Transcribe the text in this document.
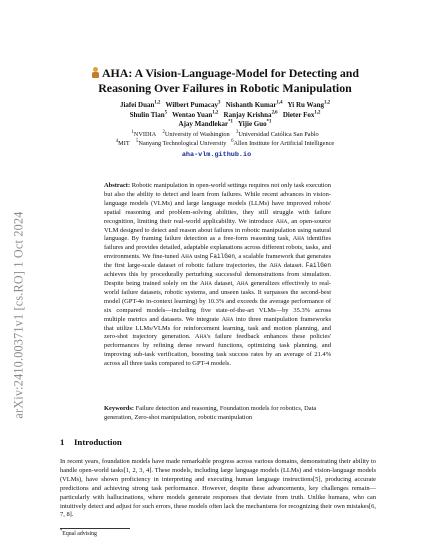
arXiv:2410.00371v1 [cs.RO] 1 Oct 2024
AHA: A Vision-Language-Model for Detecting and
Reasoning Over Failures in Robotic Manipulation
Jiafei Duan$^{1,2}$ Wilbert Pumacay$^3$ Nishanth Kumar$^{1,4}$ Yi Ru Wang$^{1,2}$
Shulin Tian$^5$ Wentao Yuan$^{1,2}$ Ranjay Krishna$^{2,6}$ Dieter Fox$^{1,2}$
Ajay Mandlekar$^{*1}$ Yijie Guo$^{*1}$
$^1$NVIDIA $^2$University of Washington $^3$Universidad Católica San Pablo
$^4$MIT $^5$Nanyang Technological University $^6$Allen Institute for Artificial Intelligence
aha-vlm.github.io
Abstract: Robotic manipulation in open-world settings requires not only task execution but also the ability to detect and learn from failures. While recent advances in vision-language models (VLMs) and large language models (LLMs) have improved robots' spatial reasoning and problem-solving abilities, they still struggle with failure recognition, limiting their real-world applicability. We introduce Aha, an open-source VLM designed to detect and reason about failures in robotic manipulation using natural language. By framing failure detection as a free-form reasoning task, Aha identifies failures and provides detailed, adaptable explanations across different robots, tasks, and environments. We fine-tuned Aha using FailGen, a scalable framework that generates the first large-scale dataset of robotic failure trajectories, the Aha dataset. FailGen achieves this by procedurally perturbing successful demonstrations from simulation. Despite being trained solely on the Aha dataset, Aha generalizes effectively to real-world failure datasets, robotic systems, and unseen tasks. It surpasses the second-best model (GPT-4o in-context learning) by 10.3% and exceeds the average performance of six compared models—including five state-of-the-art VLMs—by 35.3% across multiple metrics and datasets. We integrate Aha into three manipulation frameworks that utilize LLMs/VLMs for reinforcement learning, task and motion planning, and zero-shot trajectory generation. Aha's failure feedback enhances these policies' performances by refining dense reward functions, optimizing task planning, and improving sub-task verification, boosting task success rates by an average of 21.4% across all three tasks compared to GPT-4 models.
Keywords: Failure detection and reasoning, Foundation models for robotics, Data generation, Zero-shot manipulation, robotic manipulation
1 Introduction
In recent years, foundation models have made remarkable progress across various domains, demonstrating their ability to handle open-world tasks[1, 2, 3, 4]. These models, including large language models (LLMs) and vision-language models (VLMs), have shown proficiency in interpreting and executing human language instructions[5], producing accurate predictions and achieving strong task performance. However, despite these advancements, key challenges remain—particularly with hallucinations, where models generate responses that deviate from truth. Unlike humans, who can intuitively detect and adjust for such errors, these models often lack the mechanisms for recognizing their own mistakes[6, 7, 8].
*Equal advising
